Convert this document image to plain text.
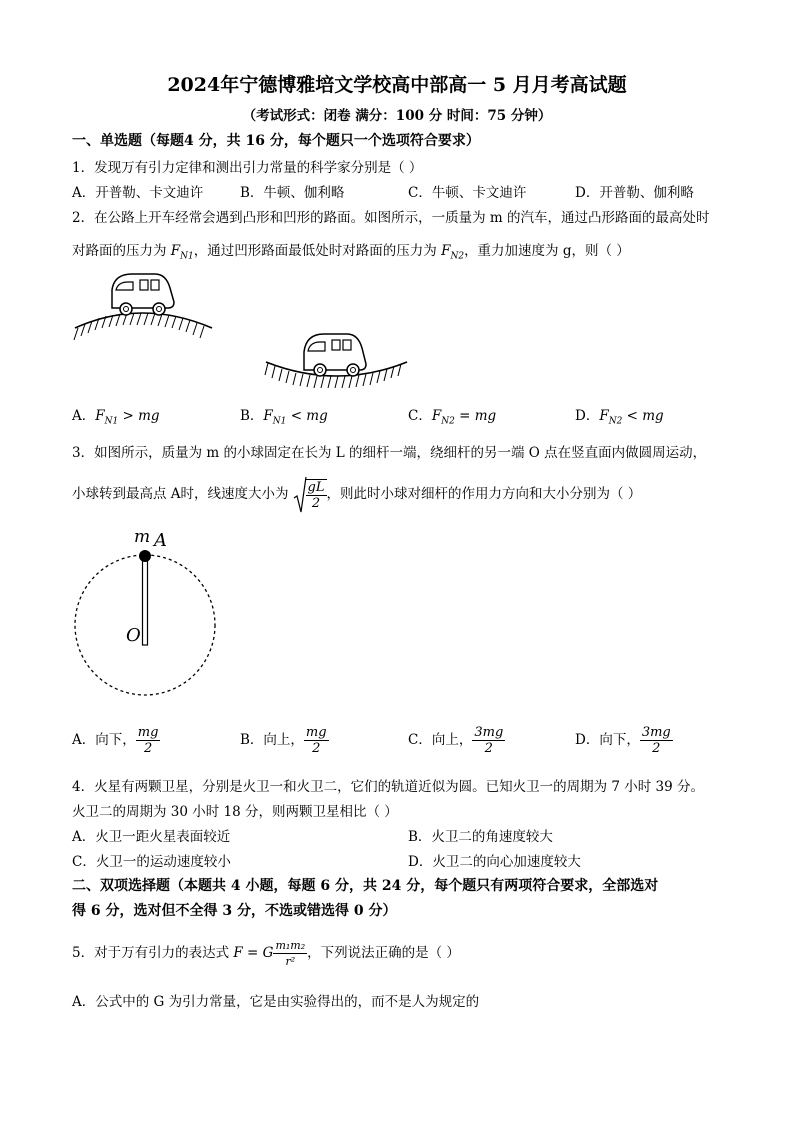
2024年宁德博雅培文学校高中部高一 5 月月考高试题
（考试形式：闭卷 满分：100 分 时间：75 分钟）
一、单选题（每题4 分，共 16 分，每个题只一个选项符合要求）
1．发现万有引力定律和测出引力常量的科学家分别是（ ）
A．开普勒、卡文迪许	B．牛顿、伽利略	C．牛顿、卡文迪许	D．开普勒、伽利略
2．在公路上开车经常会遇到凸形和凹形的路面。如图所示，一质量为 m 的汽车，通过凸形路面的最高处时
对路面的压力为 $F_{N1}$，通过凹形路面最低处时对路面的压力为 $F_{N2}$，重力加速度为 g，则（ ）
A．$F_{N1}$ > mg	B．$F_{N1}$ < mg	C．$F_{N2}$ = mg	D．$F_{N2}$ < mg
3．如图所示，质量为 m 的小球固定在长为 L 的细杆一端，绕细杆的另一端 O 点在竖直面内做圆周运动，
小球转到最高点 A时，线速度大小为 $\frac{gL}{2}$ ，则此时小球对细杆的作用力方向和大小分别为（ ）
m A
O
A．向下， $\frac{mg}{2}$	B．向上， $\frac{mg}{2}$	C．向上， $\frac{3mg}{2}$	D．向下， $\frac{3mg}{2}$
4．火星有两颗卫星，分别是火卫一和火卫二，它们的轨道近似为圆。已知火卫一的周期为 7 小时 39 分。
火卫二的周期为 30 小时 18 分，则两颗卫星相比（ ）
A．火卫一距火星表面较近	B．火卫二的角速度较大
C．火卫一的运动速度较小	D．火卫二的向心加速度较大
二、双项选择题（本题共 4 小题，每题 6 分，共 24 分，每个题只有两项符合要求，全部选对
得 6 分，选对但不全得 3 分，不选或错选得 0 分）
5．对于万有引力的表达式 F = G $\frac{\text{m₁m₂}}{\text{r²}}$ ，下列说法正确的是（ ）
A．公式中的 G 为引力常量，它是由实验得出的，而不是人为规定的
